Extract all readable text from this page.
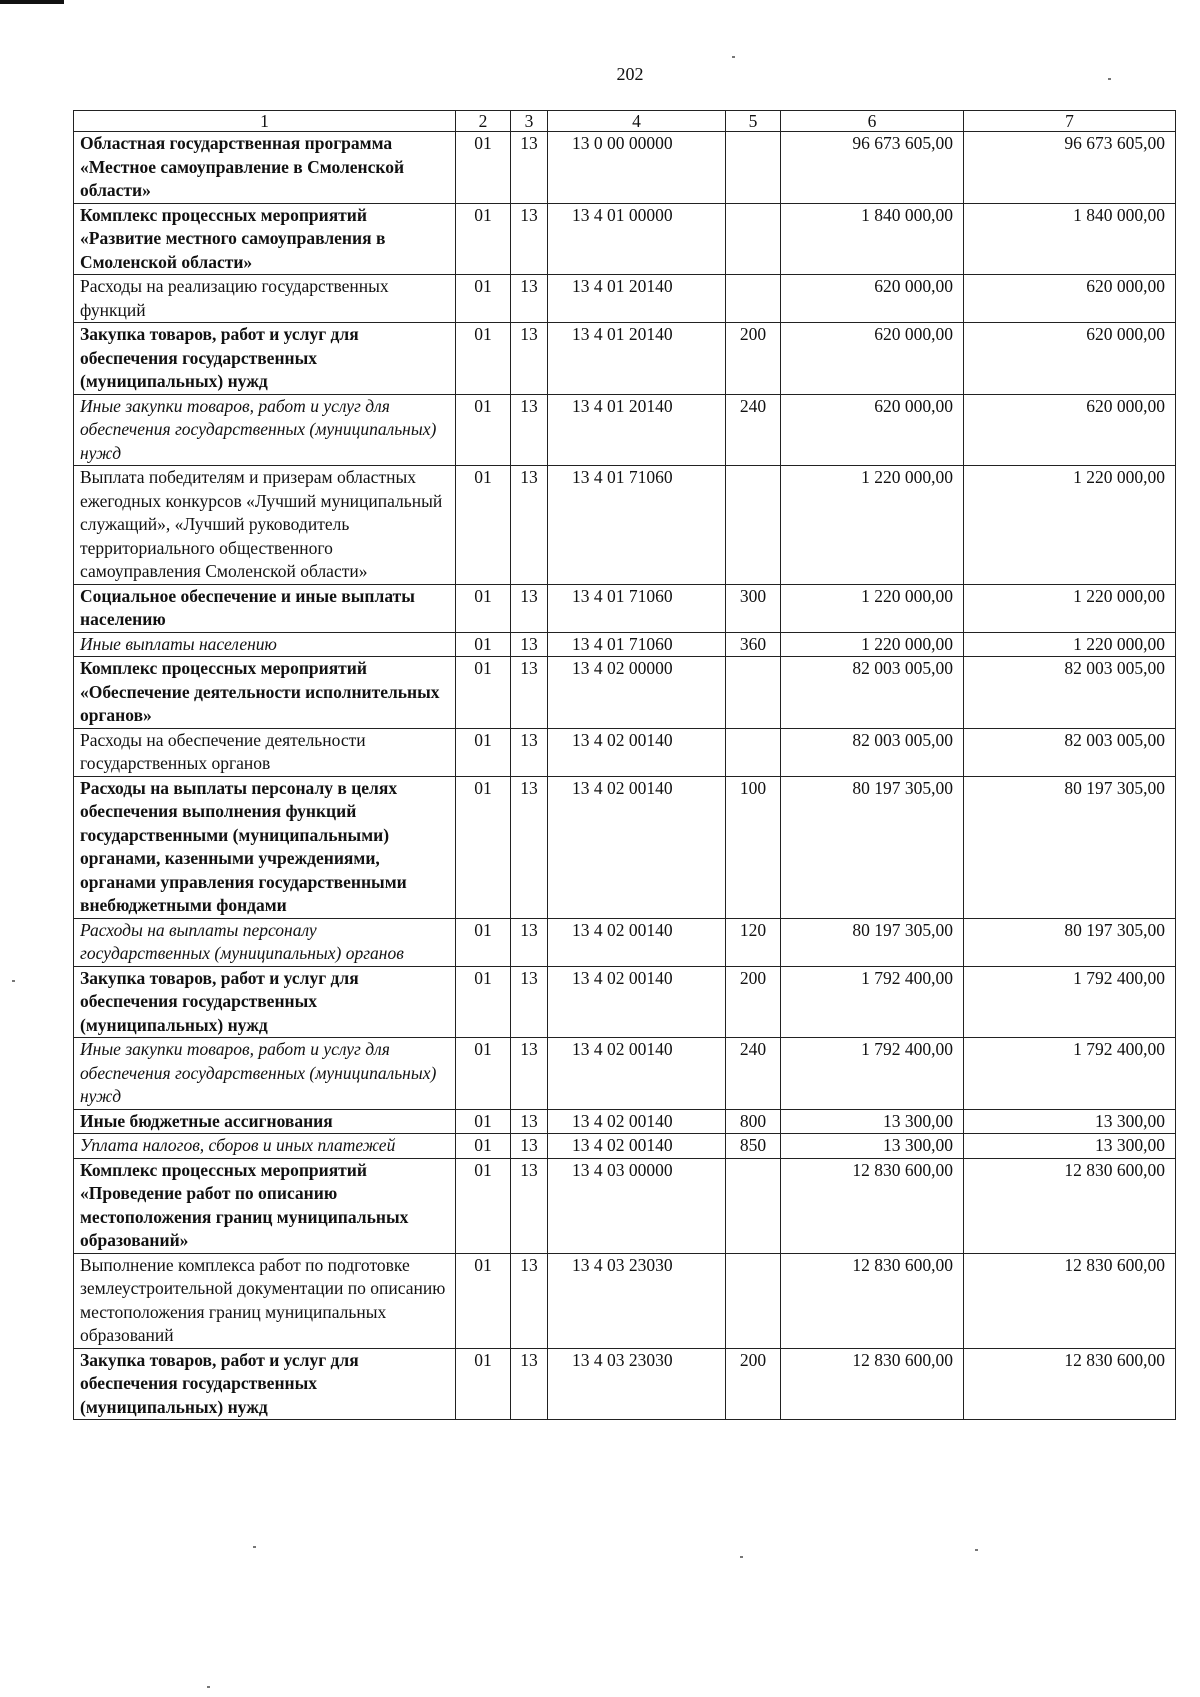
202
1	2	3	4	5	6	7
Областная государственная программа «Местное самоуправление в Смоленской области»	01	13	13 0 00 00000		96 673 605,00	96 673 605,00
Комплекс процессных мероприятий «Развитие местного самоуправления в Смоленской области»	01	13	13 4 01 00000		1 840 000,00	1 840 000,00
Расходы на реализацию государственных функций	01	13	13 4 01 20140		620 000,00	620 000,00
Закупка товаров, работ и услуг для обеспечения государственных (муниципальных) нужд	01	13	13 4 01 20140	200	620 000,00	620 000,00
Иные закупки товаров, работ и услуг для обеспечения государственных (муниципальных) нужд	01	13	13 4 01 20140	240	620 000,00	620 000,00
Выплата победителям и призерам областных ежегодных конкурсов «Лучший муниципальный служащий», «Лучший руководитель территориального общественного самоуправления Смоленской области»	01	13	13 4 01 71060		1 220 000,00	1 220 000,00
Социальное обеспечение и иные выплаты населению	01	13	13 4 01 71060	300	1 220 000,00	1 220 000,00
Иные выплаты населению	01	13	13 4 01 71060	360	1 220 000,00	1 220 000,00
Комплекс процессных мероприятий «Обеспечение деятельности исполнительных органов»	01	13	13 4 02 00000		82 003 005,00	82 003 005,00
Расходы на обеспечение деятельности государственных органов	01	13	13 4 02 00140		82 003 005,00	82 003 005,00
Расходы на выплаты персоналу в целях обеспечения выполнения функций государственными (муниципальными) органами, казенными учреждениями, органами управления государственными внебюджетными фондами	01	13	13 4 02 00140	100	80 197 305,00	80 197 305,00
Расходы на выплаты персоналу государственных (муниципальных) органов	01	13	13 4 02 00140	120	80 197 305,00	80 197 305,00
Закупка товаров, работ и услуг для обеспечения государственных (муниципальных) нужд	01	13	13 4 02 00140	200	1 792 400,00	1 792 400,00
Иные закупки товаров, работ и услуг для обеспечения государственных (муниципальных) нужд	01	13	13 4 02 00140	240	1 792 400,00	1 792 400,00
Иные бюджетные ассигнования	01	13	13 4 02 00140	800	13 300,00	13 300,00
Уплата налогов, сборов и иных платежей	01	13	13 4 02 00140	850	13 300,00	13 300,00
Комплекс процессных мероприятий «Проведение работ по описанию местоположения границ муниципальных образований»	01	13	13 4 03 00000		12 830 600,00	12 830 600,00
Выполнение комплекса работ по подготовке землеустроительной документации по описанию местоположения границ муниципальных образований	01	13	13 4 03 23030		12 830 600,00	12 830 600,00
Закупка товаров, работ и услуг для обеспечения государственных (муниципальных) нужд	01	13	13 4 03 23030	200	12 830 600,00	12 830 600,00
